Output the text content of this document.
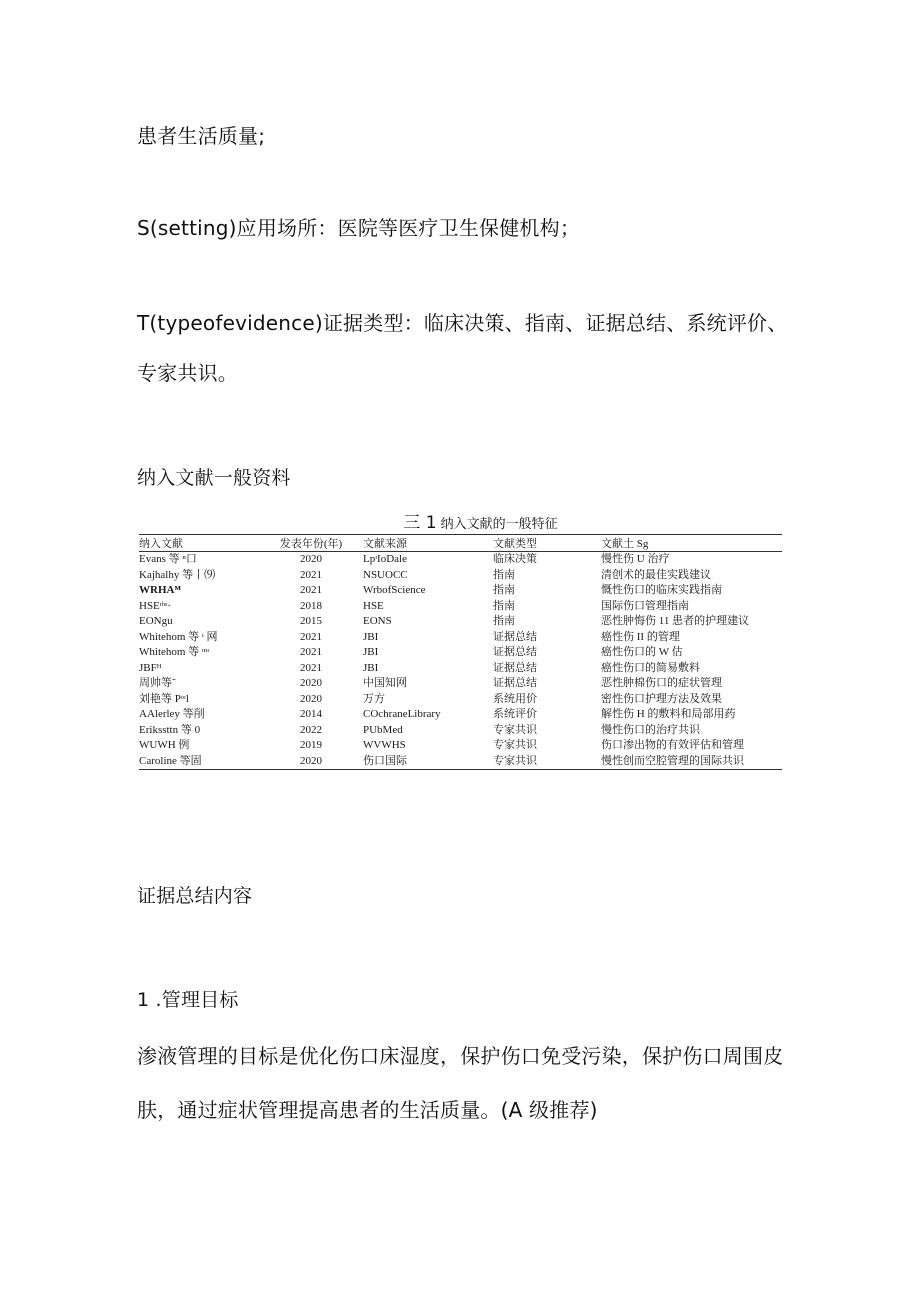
患者生活质量;

S(setting)应用场所：医院等医疗卫生保健机构；

T(typeofevidence)证据类型：临床决策、指南、证据总结、系统评价、

专家共识。

纳入文献一般资料

三 1 纳入文献的一般特征
纳入文献	发表年份(年)	文献来源	文献类型	文献土 Sg
Evans 等 ⁿ口	2020	LpᶦIoDale	临床决策	慢性伤 U 治疗
Kajhalhy 等丨⑼	2021	NSUOCC	指南	清创术的最佳实践建议
WRHAᴹ	2021	WrbofScience	指南	慨性伤口的临床实践指南
HSEᶦᵇˢ·	2018	HSE	指南	国际伤口管理指南
EONgu	2015	EONS	指南	恶性肿悔伤 11 患者的护理建议
Whitehom 等 ᶦ 网	2021	JBI	证据总结	癌性伤 II 的管理
Whitehom 等 ᶦⁿᶦ	2021	JBI	证据总结	癌性伤口的 W 估
JBFᴴ	2021	JBI	证据总结	癌性伤口的简易敷料
周帅等˜	2020	中国知网	证据总结	恶性肿棉伤口的症状管理
刘艳等 Pᵒᶦl	2020	万方	系统用价	密性伤口护理方法及效果
AAlerley 等削	2014	COchraneLibrary	系统评价	解性伤 H 的敷料和局部用药
Erikssttn 等 0	2022	PUbMed	专家共识	慢性伤口的治疗共识
WUWH 例	2019	WVWHS	专家共识	伤口渗出物的有效评估和管理
Caroline 等固	2020	伤口国际	专家共识	慢性创而空腔管理的国际共识

证据总结内容

1 .管理目标

渗液管理的目标是优化伤口床湿度，保护伤口免受污染，保护伤口周围皮

肤，通过症状管理提高患者的生活质量。(A 级推荐)
